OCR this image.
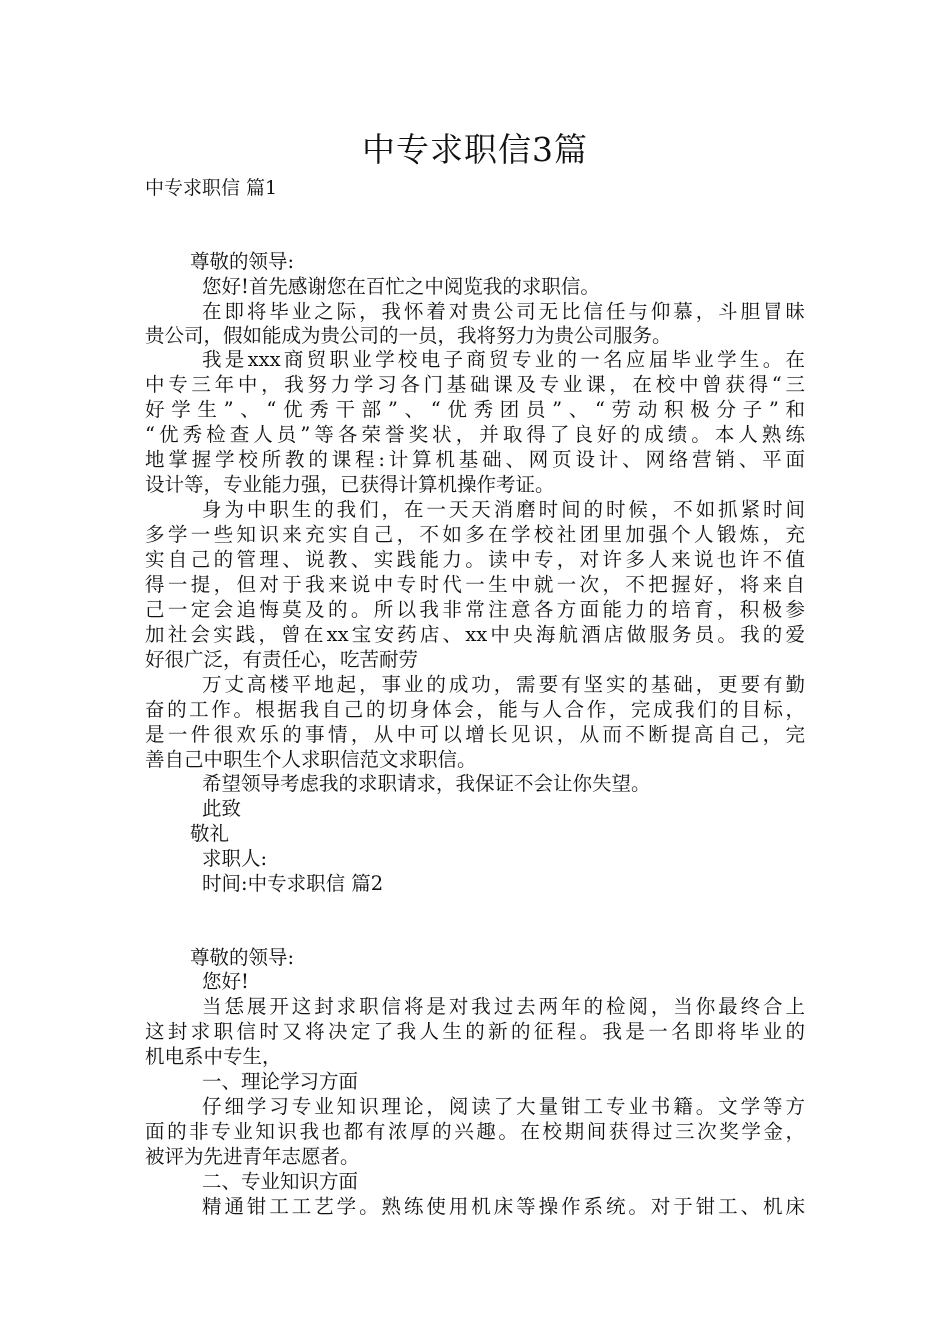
中专求职信3篇
中专求职信 篇1
尊敬的领导:
您好!首先感谢您在百忙之中阅览我的求职信。
在即将毕业之际，我怀着对贵公司无比信任与仰慕，斗胆冒昧
贵公司，假如能成为贵公司的一员，我将努力为贵公司服务。
我是xxx商贸职业学校电子商贸专业的一名应届毕业学生。在
中专三年中，我努力学习各门基础课及专业课，在校中曾获得“三
好学生”、“优秀干部”、“优秀团员”、“劳动积极分子”和
“优秀检查人员”等各荣誉奖状，并取得了良好的成绩。本人熟练
地掌握学校所教的课程:计算机基础、网页设计、网络营销、平面
设计等，专业能力强，已获得计算机操作考证。
身为中职生的我们，在一天天消磨时间的时候，不如抓紧时间
多学一些知识来充实自己，不如多在学校社团里加强个人锻炼，充
实自己的管理、说教、实践能力。读中专，对许多人来说也许不值
得一提，但对于我来说中专时代一生中就一次，不把握好，将来自
己一定会追悔莫及的。所以我非常注意各方面能力的培育，积极参
加社会实践，曾在xx宝安药店、xx中央海航酒店做服务员。我的爱
好很广泛，有责任心，吃苦耐劳
万丈高楼平地起，事业的成功，需要有坚实的基础，更要有勤
奋的工作。根据我自己的切身体会，能与人合作，完成我们的目标，
是一件很欢乐的事情，从中可以增长见识，从而不断提高自己，完
善自己中职生个人求职信范文求职信。
希望领导考虑我的求职请求，我保证不会让你失望。
此致
敬礼
求职人:
时间:中专求职信 篇2
尊敬的领导:
您好!
当恁展开这封求职信将是对我过去两年的检阅，当你最终合上
这封求职信时又将决定了我人生的新的征程。我是一名即将毕业的
机电系中专生，
一、理论学习方面
仔细学习专业知识理论，阅读了大量钳工专业书籍。文学等方
面的非专业知识我也都有浓厚的兴趣。在校期间获得过三次奖学金，
被评为先进青年志愿者。
二、专业知识方面
精通钳工工艺学。熟练使用机床等操作系统。对于钳工、机床
